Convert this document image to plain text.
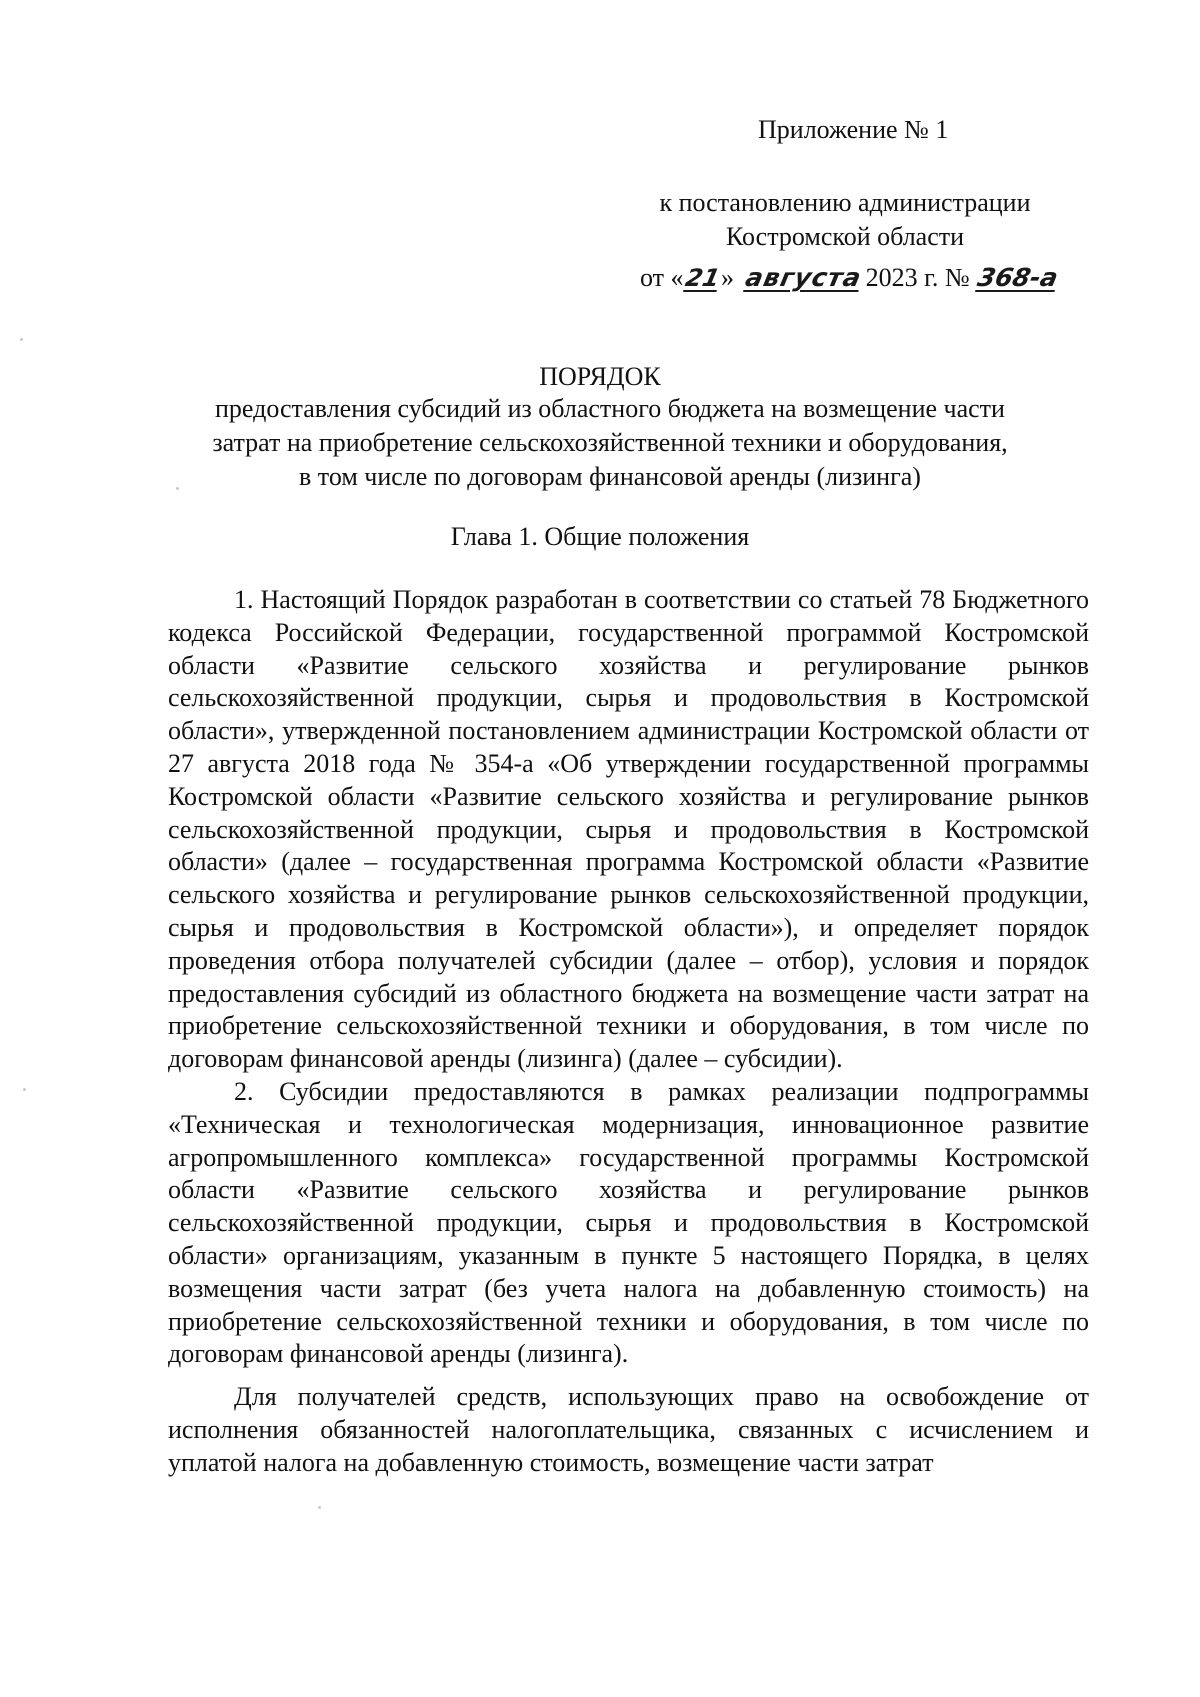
Приложение № 1
к постановлению администрации
Костромской области
от «21» августа2023 г. № 368-а
ПОРЯДОК
предоставления субсидий из областного бюджета на возмещение части
затрат на приобретение сельскохозяйственной техники и оборудования,
в том числе по договорам финансовой аренды (лизинга)
Глава 1. Общие положения

1. Настоящий Порядок разработан в соответствии со статьей 78 Бюджетного кодекса Российской Федерации, государственной программой Костромской области «Развитие сельского хозяйства и регулирование рынков сельскохозяйственной продукции, сырья и продовольствия в Костромской области», утвержденной постановлением администрации Костромской области от 27 августа 2018 года № 354-а «Об утверждении государственной программы Костромской области «Развитие сельского хозяйства и регулирование рынков сельскохозяйственной продукции, сырья и продовольствия в Костромской области» (далее – государственная программа Костромской области «Развитие сельского хозяйства и регулирование рынков сельскохозяйственной продукции, сырья и продовольствия в Костромской области»), и определяет порядок проведения отбора получателей субсидии (далее – отбор), условия и порядок предоставления субсидий из областного бюджета на возмещение части затрат на приобретение сельскохозяйственной техники и оборудования, в том числе по договорам финансовой аренды (лизинга) (далее – субсидии).

2. Субсидии предоставляются в рамках реализации подпрограммы «Техническая и технологическая модернизация, инновационное развитие агропромышленного комплекса» государственной программы Костромской области «Развитие сельского хозяйства и регулирование рынков сельскохозяйственной продукции, сырья и продовольствия в Костромской области» организациям, указанным в пункте 5 настоящего Порядка, в целях возмещения части затрат (без учета налога на добавленную стоимость) на приобретение сельскохозяйственной техники и оборудования, в том числе по договорам финансовой аренды (лизинга).

Для получателей средств, использующих право на освобождение от исполнения обязанностей налогоплательщика, связанных с исчислением и уплатой налога на добавленную стоимость, возмещение части затрат
